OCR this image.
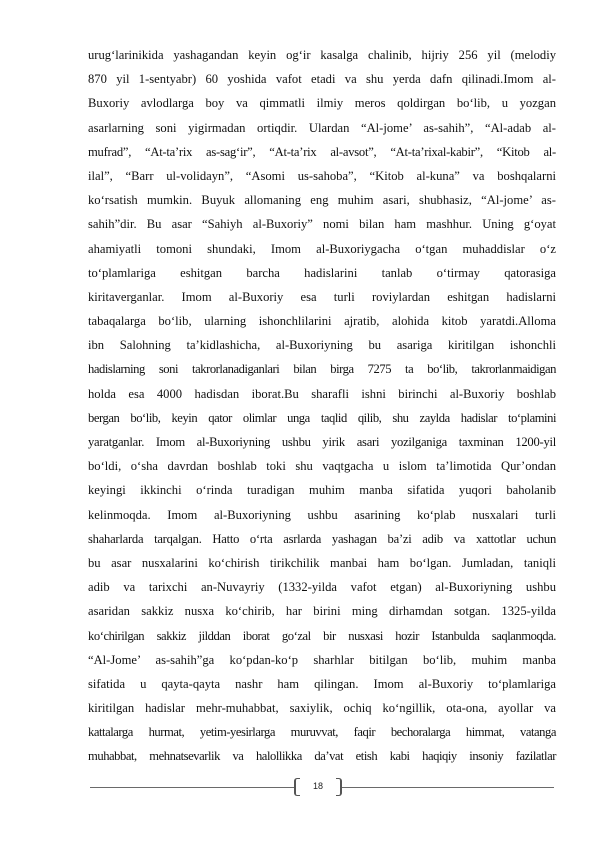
urug‘larinikida yashagandan keyin og‘ir kasalga chalinib, hijriy 256 yil (melodiy
870 yil 1-sentyabr) 60 yoshida vafot etadi va shu yerda dafn qilinadi.Imom al-
Buxoriy avlodlarga boy va qimmatli ilmiy meros qoldirgan bo‘lib, u yozgan
asarlarning soni yigirmadan ortiqdir. Ulardan “Al-jome’ as-sahih”, “Al-adab al-
mufrad”, “At-ta’rix as-sag‘ir”, “At-ta’rix al-avsot”, “At-ta’rixal-kabir”, “Kitob al-
ilal”, “Barr ul-volidayn”, “Asomi us-sahoba”, “Kitob al-kuna” va boshqalarni
ko‘rsatish mumkin. Buyuk allomaning eng muhim asari, shubhasiz, “Al-jome’ as-
sahih”dir. Bu asar “Sahiyh al-Buxoriy” nomi bilan ham mashhur. Uning g‘oyat
ahamiyatli tomoni shundaki, Imom al-Buxoriygacha o‘tgan muhaddislar o‘z
to‘plamlariga eshitgan barcha hadislarini tanlab o‘tirmay qatorasiga
kiritaverganlar. Imom al-Buxoriy esa turli roviylardan eshitgan hadislarni
tabaqalarga bo‘lib, ularning ishonchlilarini ajratib, alohida kitob yaratdi.Alloma
ibn Salohning ta’kidlashicha, al-Buxoriyning bu asariga kiritilgan ishonchli
hadislarning soni takrorlanadiganlari bilan birga 7275 ta bo‘lib, takrorlanmaidigan
holda esa 4000 hadisdan iborat.Bu sharafli ishni birinchi al-Buxoriy boshlab
bergan bo‘lib, keyin qator olimlar unga taqlid qilib, shu zaylda hadislar to‘plamini
yaratganlar. Imom al-Buxoriyning ushbu yirik asari yozilganiga taxminan 1200-yil
bo‘ldi, o‘sha davrdan boshlab toki shu vaqtgacha u islom ta’limotida Qur’ondan
keyingi ikkinchi o‘rinda turadigan muhim manba sifatida yuqori baholanib
kelinmoqda. Imom al-Buxoriyning ushbu asarining ko‘plab nusxalari turli
shaharlarda tarqalgan. Hatto o‘rta asrlarda yashagan ba’zi adib va xattotlar uchun
bu asar nusxalarini ko‘chirish tirikchilik manbai ham bo‘lgan. Jumladan, taniqli
adib va tarixchi an-Nuvayriy (1332-yilda vafot etgan) al-Buxoriyning ushbu
asaridan sakkiz nusxa ko‘chirib, har birini ming dirhamdan sotgan. 1325-yilda
ko‘chirilgan sakkiz jilddan iborat go‘zal bir nusxasi hozir Istanbulda saqlanmoqda.
“Al-Jome’ as-sahih”ga ko‘pdan-ko‘p sharhlar bitilgan bo‘lib, muhim manba
sifatida u qayta-qayta nashr ham qilingan. Imom al-Buxoriy to‘plamlariga
kiritilgan hadislar mehr-muhabbat, saxiylik, ochiq ko‘ngillik, ota-ona, ayollar va
kattalarga hurmat, yetim-yesirlarga muruvvat, faqir bechoralarga himmat, vatanga
muhabbat, mehnatsevarlik va halollikka da’vat etish kabi haqiqiy insoniy fazilatlar
18
